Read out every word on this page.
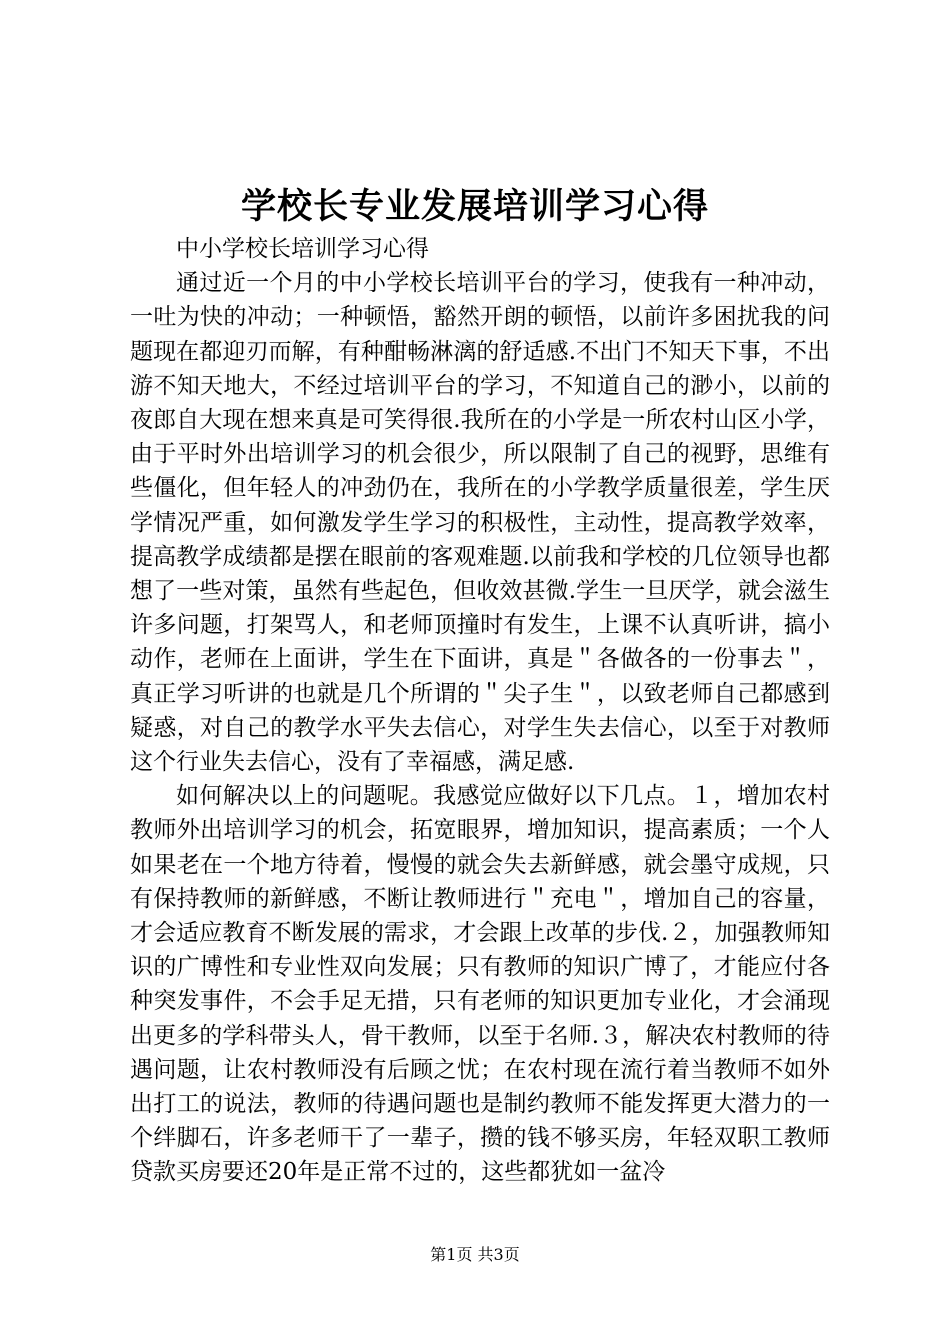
学校长专业发展培训学习心得

中小学校长培训学习心得

通过近一个月的中小学校长培训平台的学习，使我有一种冲动，一吐为快的冲动；一种顿悟，豁然开朗的顿悟，以前许多困扰我的问题现在都迎刃而解，有种酣畅淋漓的舒适感.不出门不知天下事，不出游不知天地大，不经过培训平台的学习，不知道自己的渺小，以前的夜郎自大现在想来真是可笑得很.我所在的小学是一所农村山区小学，由于平时外出培训学习的机会很少，所以限制了自己的视野，思维有些僵化，但年轻人的冲劲仍在，我所在的小学教学质量很差，学生厌学情况严重，如何激发学生学习的积极性，主动性，提高教学效率，提高教学成绩都是摆在眼前的客观难题.以前我和学校的几位领导也都想了一些对策，虽然有些起色，但收效甚微.学生一旦厌学，就会滋生许多问题，打架骂人，和老师顶撞时有发生，上课不认真听讲，搞小动作，老师在上面讲，学生在下面讲，真是＂各做各的一份事去＂，真正学习听讲的也就是几个所谓的＂尖子生＂，以致老师自己都感到疑惑，对自己的教学水平失去信心，对学生失去信心，以至于对教师这个行业失去信心，没有了幸福感，满足感.

如何解决以上的问题呢。我感觉应做好以下几点。１，增加农村教师外出培训学习的机会，拓宽眼界，增加知识，提高素质；一个人如果老在一个地方待着，慢慢的就会失去新鲜感，就会墨守成规，只有保持教师的新鲜感，不断让教师进行＂充电＂，增加自己的容量，才会适应教育不断发展的需求，才会跟上改革的步伐.２，加强教师知识的广博性和专业性双向发展；只有教师的知识广博了，才能应付各种突发事件，不会手足无措，只有老师的知识更加专业化，才会涌现出更多的学科带头人，骨干教师，以至于名师.３，解决农村教师的待遇问题，让农村教师没有后顾之忧；在农村现在流行着当教师不如外出打工的说法，教师的待遇问题也是制约教师不能发挥更大潜力的一个绊脚石，许多老师干了一辈子，攒的钱不够买房，年轻双职工教师贷款买房要还20年是正常不过的，这些都犹如一盆冷

第1页 共3页
